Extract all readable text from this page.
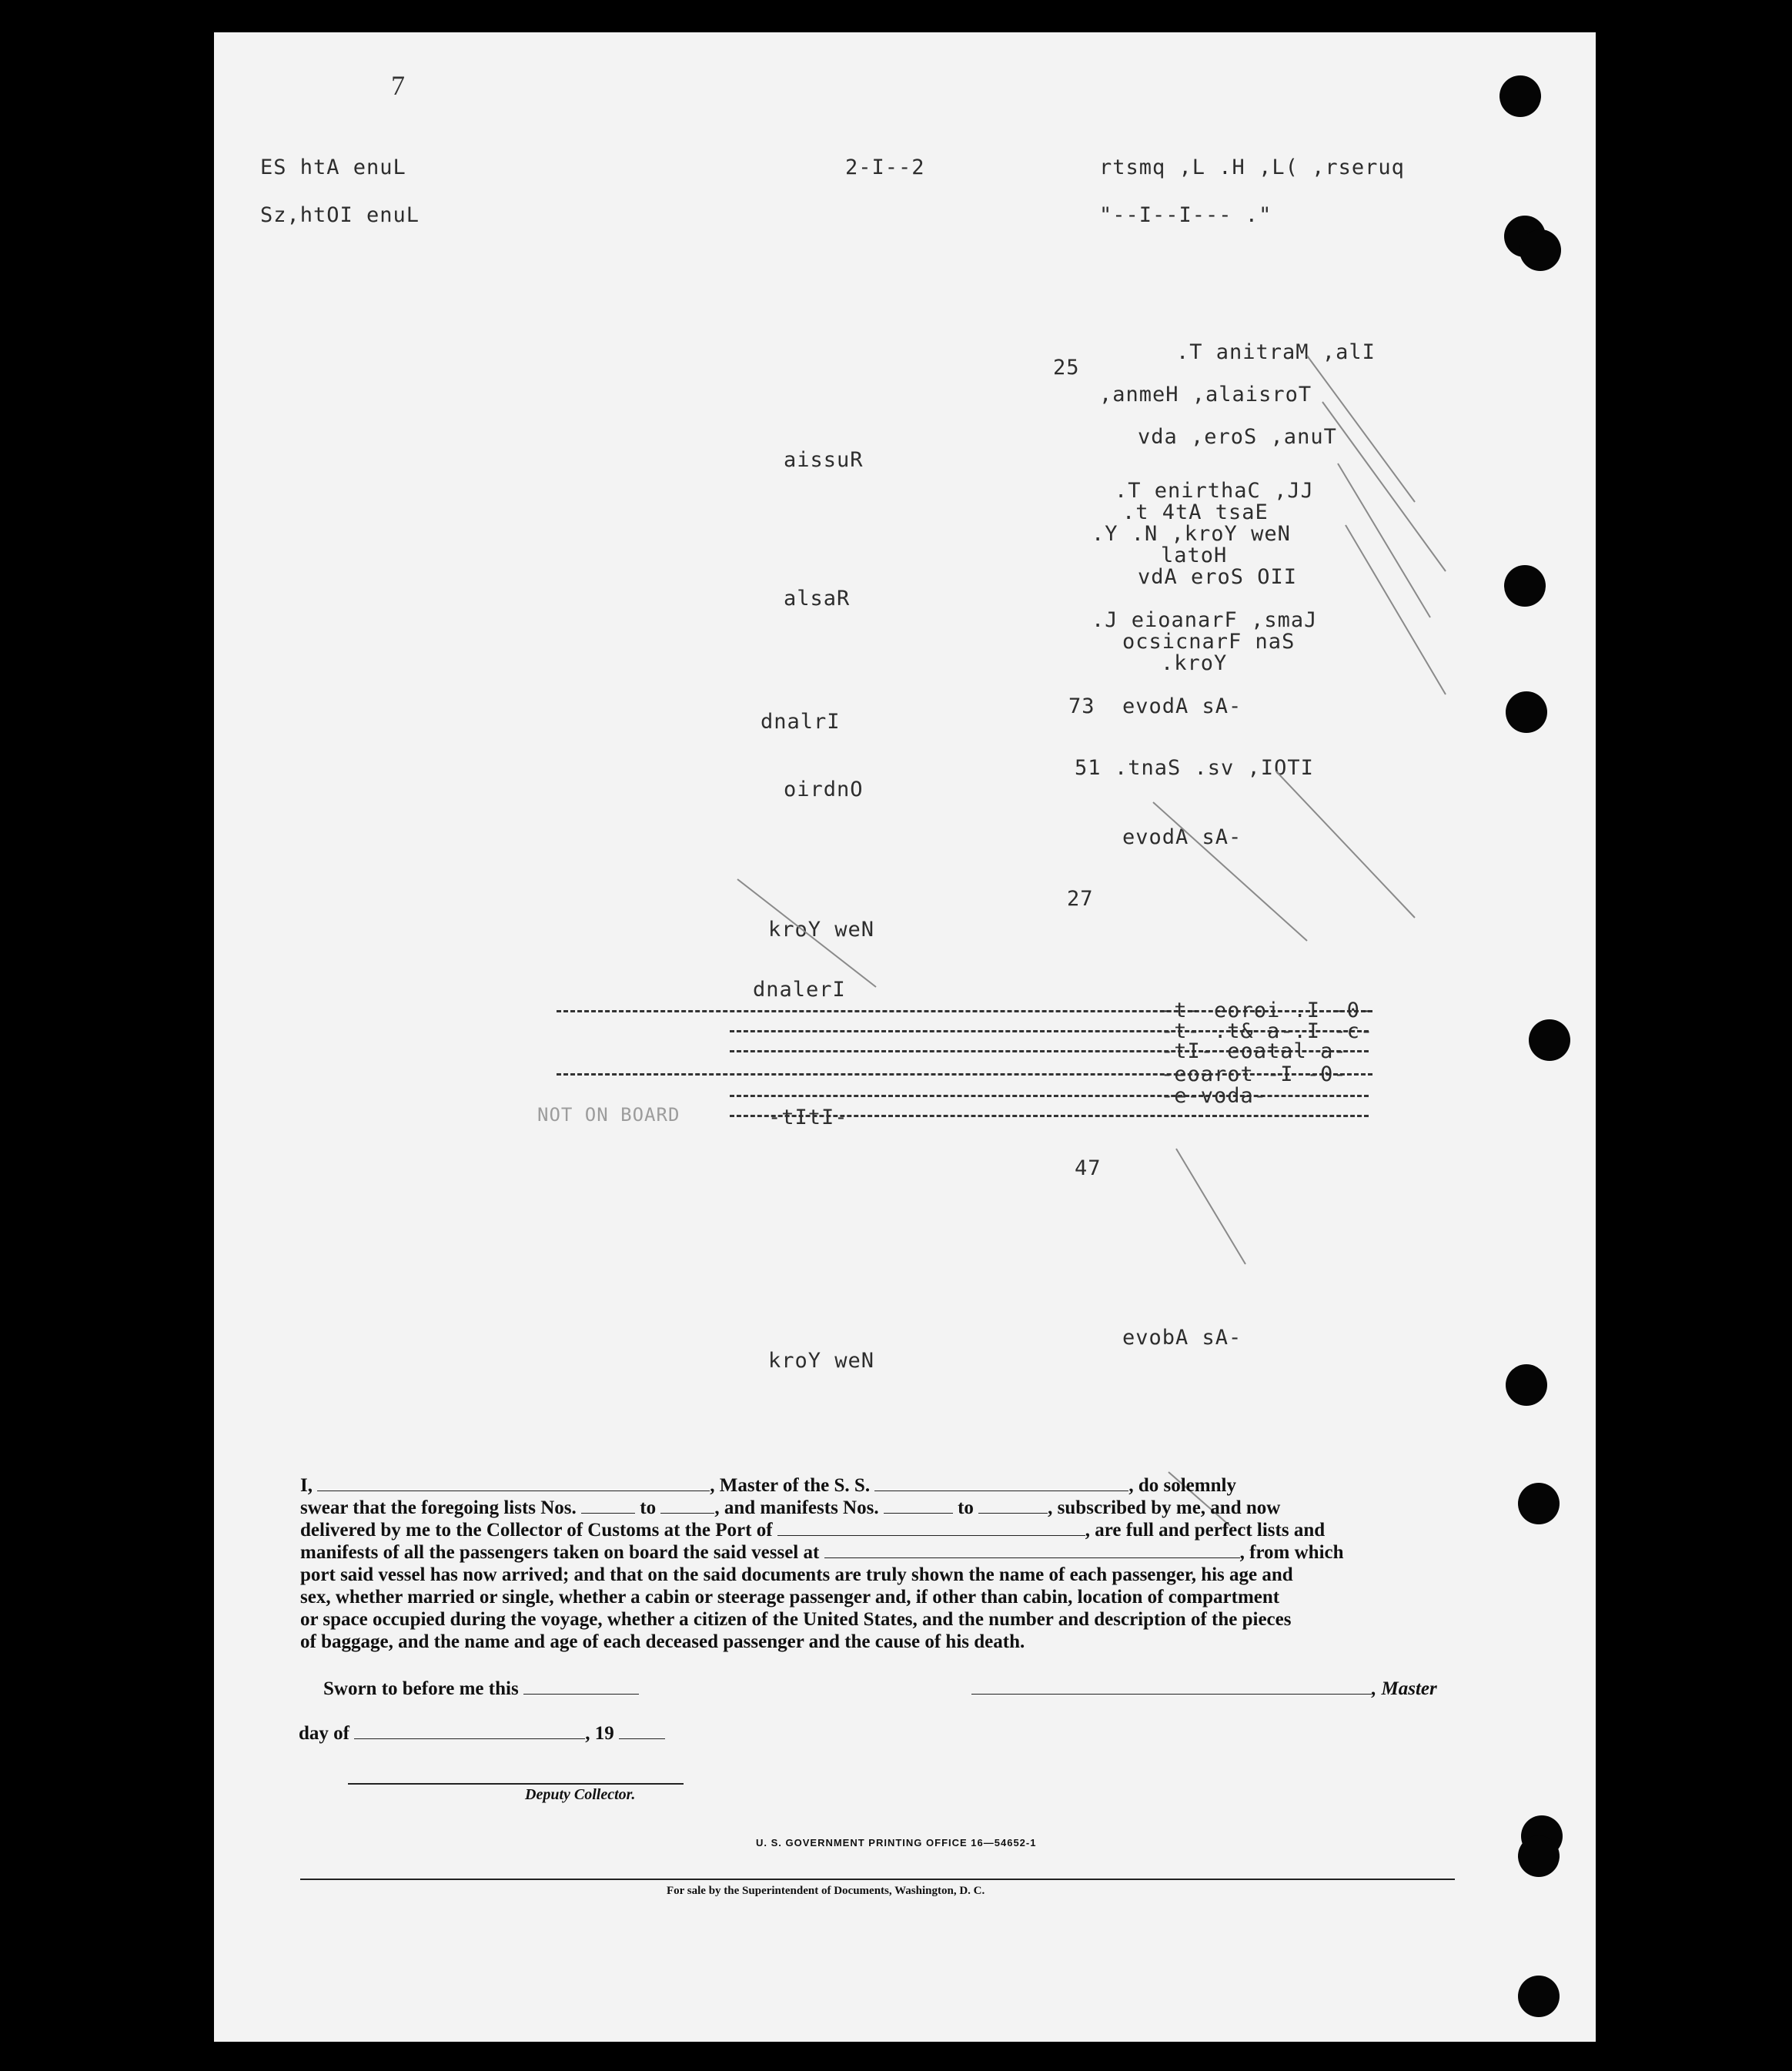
7
rtsmq ,L .H ,L( ,rseruq
2-I--2
ES htA enuL
"--I--I--- ."
Sz,htOI enuL
.T anitraM ,alI
,anmeH ,alaisroT
vda ,eroS ,anuT
aissuR
.T enirthaC ,JJ
.t 4tA tsaE
.Y .N ,kroY weN
latoH
vdA eroS OII
alsaR
.J eioanarF ,smaJ
ocsicnarF naS
.kroY
evodA sA-
dnalrI
.tnaS .sv ,IOTI
oirdnO
evodA sA-
kroY weN
dnalerI
evobA sA-
kroY weN
25
73
51
27
47
-t- eoroi .I -0-
-t- .t& a-.I -c-
-tI- eoatal a-
-eoarot -I -0-
-e-voda-
-tItI-
NOT ON BOARD

I,	, Master of the S. S.	, do solemnly

swear that the foregoing lists Nos.	to	, and manifests Nos.	to	, subscribed by me, and now

delivered by me to the Collector of Customs at the Port of	, are full and perfect lists and

manifests of all the passengers taken on board the said vessel at	, from which

port said vessel has now arrived; and that on the said documents are truly shown the name of each passenger, his age and

sex, whether married or single, whether a cabin or steerage passenger and, if other than cabin, location of compartment

or space occupied during the voyage, whether a citizen of the United States, and the number and description of the pieces

of baggage, and the name and age of each deceased passenger and the cause of his death.

Sworn to before me this
day of	, 19
, Master
Deputy Collector.
U. S. GOVERNMENT PRINTING OFFICE 16—54652-1
For sale by the Superintendent of Documents, Washington, D. C.
